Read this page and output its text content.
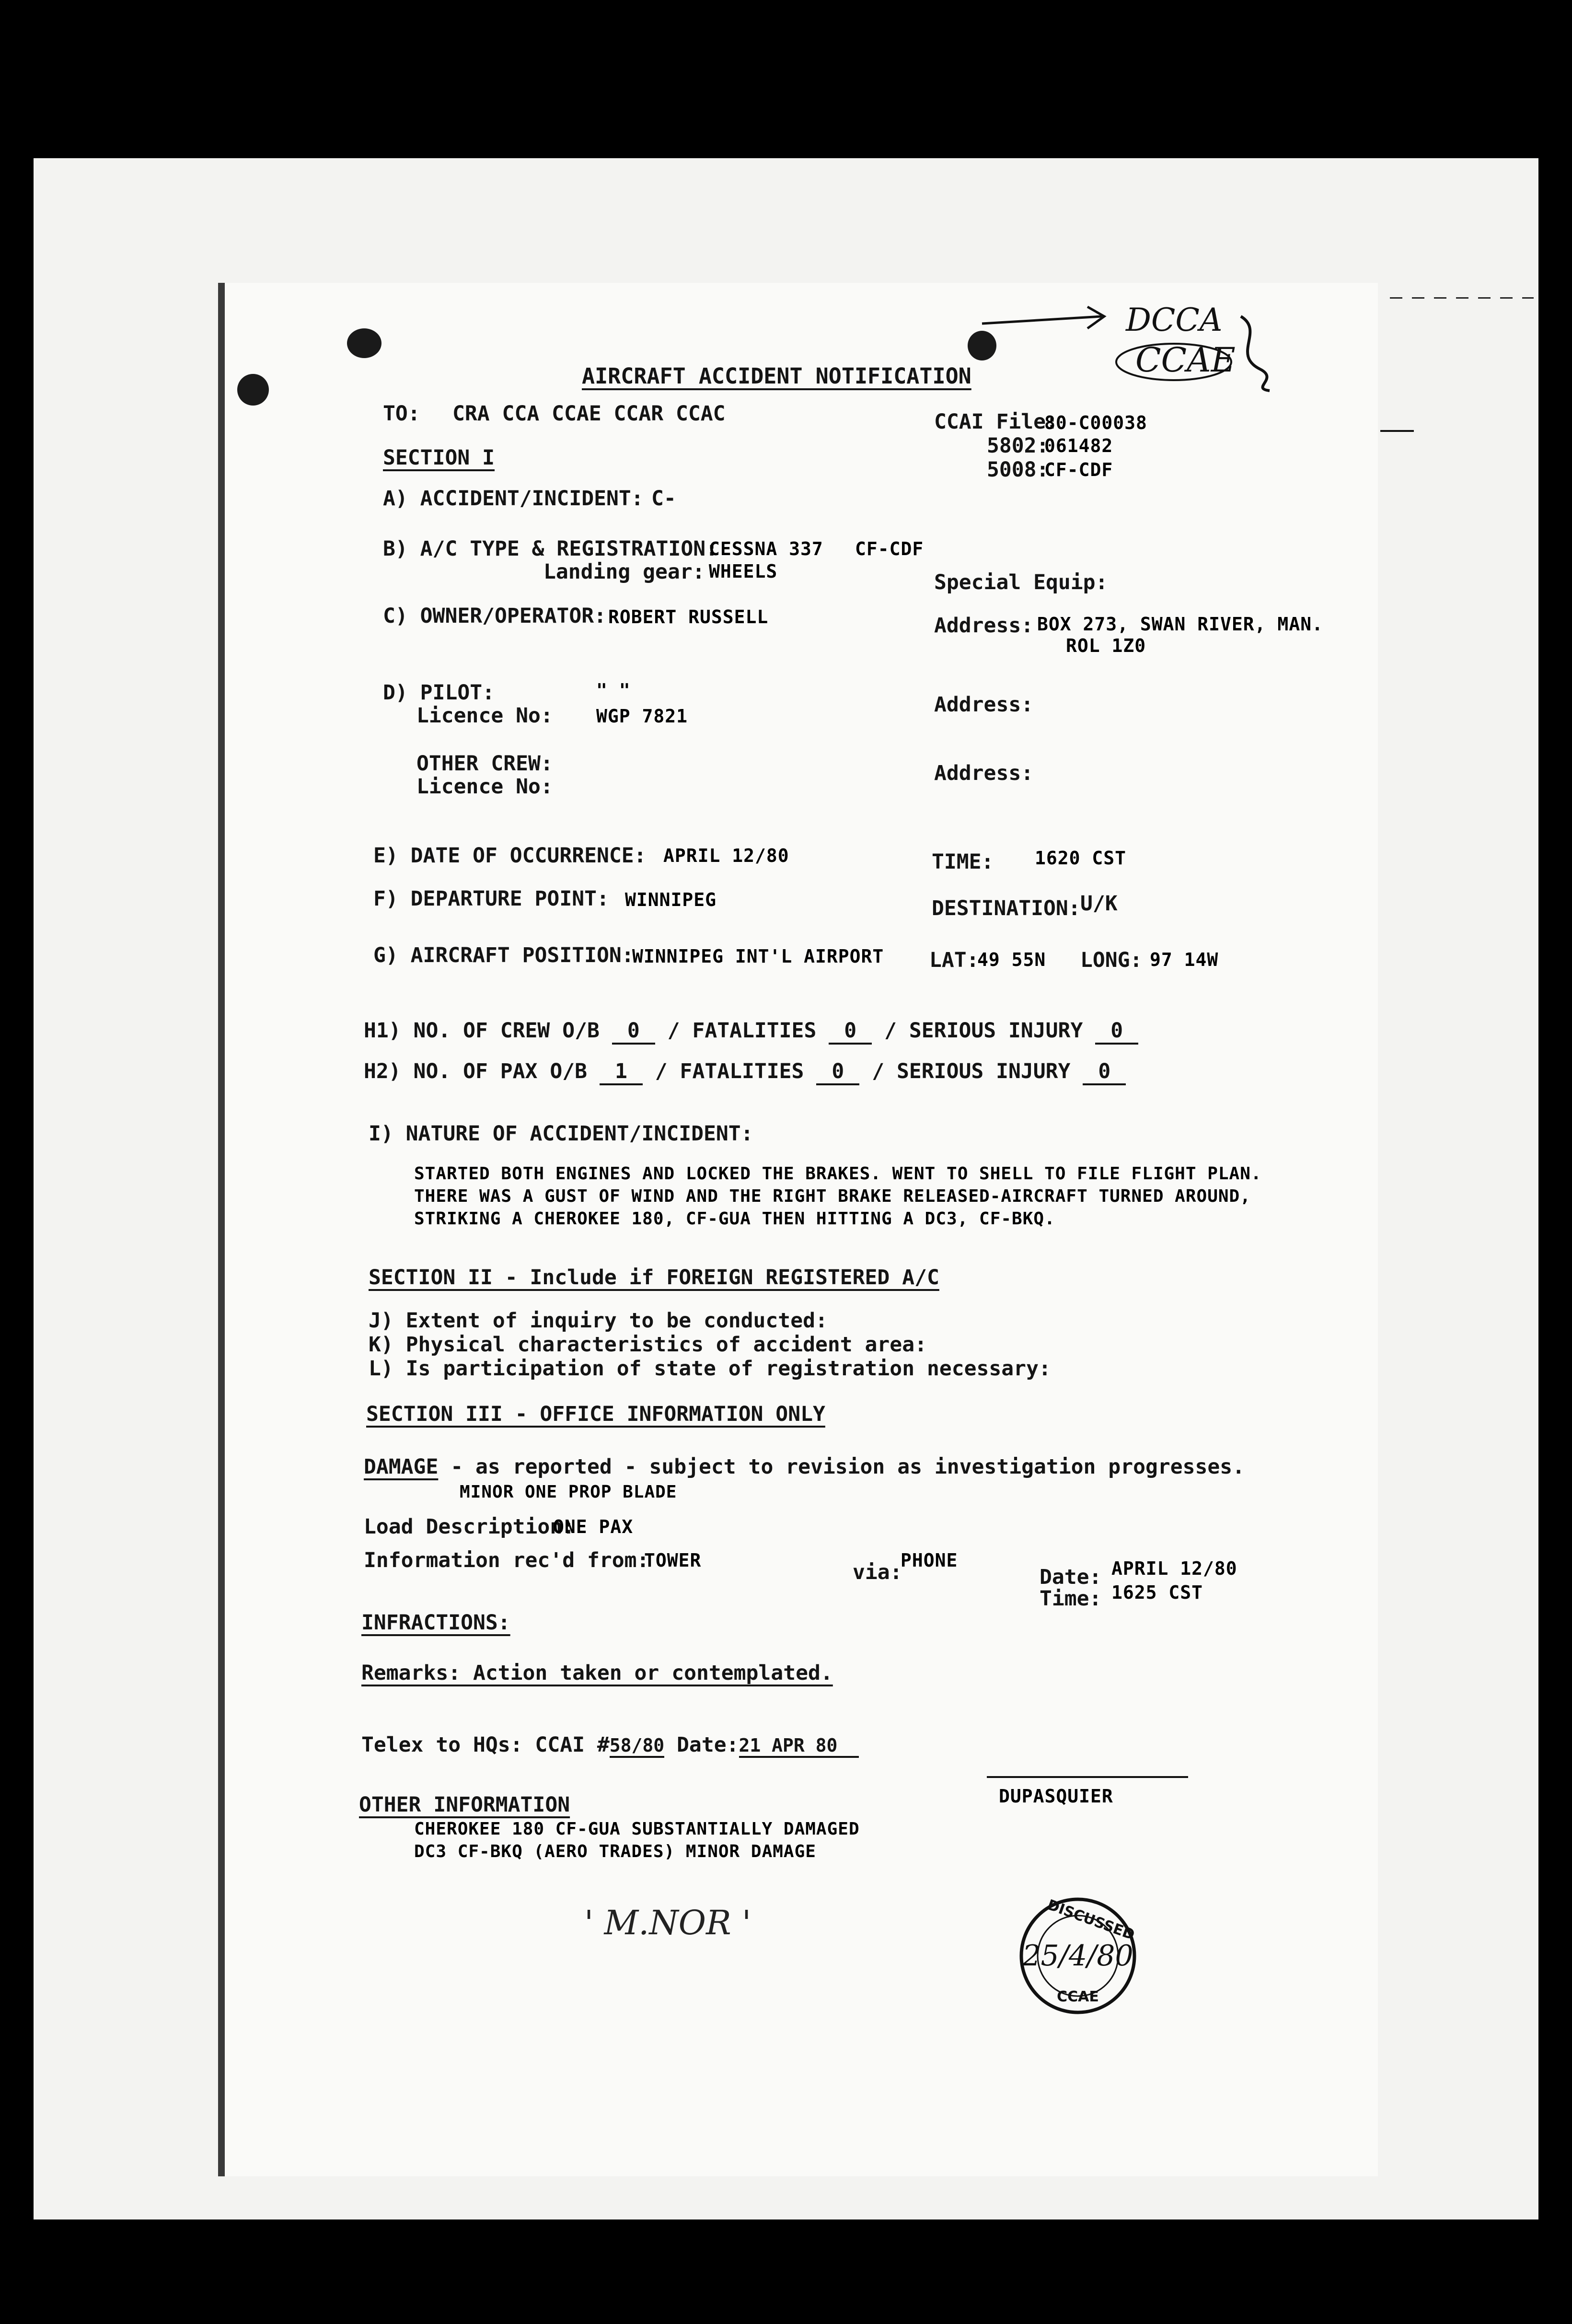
AIRCRAFT ACCIDENT NOTIFICATION
TO: CRA CCA CCAE CCAR CCAC	CCAI File:
80-C00038
5802:
061482
5008:
CF-CDF
SECTION I
A) ACCIDENT/INCIDENT: C-
B) A/C TYPE & REGISTRATION:
CESSNA 337 CF-CDF
Landing gear: WHEELS	Special Equip:
C) OWNER/OPERATOR: ROBERT RUSSELL	Address: BOX 273, SWAN RIVER, MAN.
ROL 1Z0
D) PILOT:	" "
Licence No: WGP 7821	Address:
OTHER CREW:
Licence No:
Address:
E) DATE OF OCCURRENCE: APRIL 12/80	TIME: 1620 CST
F) DEPARTURE POINT: WINNIPEG	DESTINATION: U/K
G) AIRCRAFT POSITION:
WINNIPEG INT'L AIRPORT LAT:
49 55N LONG: 97 14W
H1) NO. OF CREW O/B 0 / FATALITIES 0 / SERIOUS INJURY 0
H2) NO. OF PAX O/B 1 / FATALITIES 0 / SERIOUS INJURY 0
I) NATURE OF ACCIDENT/INCIDENT:
STARTED BOTH ENGINES AND LOCKED THE BRAKES. WENT TO SHELL TO FILE FLIGHT PLAN.
THERE WAS A GUST OF WIND AND THE RIGHT BRAKE RELEASED-AIRCRAFT TURNED AROUND,
STRIKING A CHEROKEE 180, CF-GUA THEN HITTING A DC3, CF-BKQ.
SECTION II - Include if FOREIGN REGISTERED A/C
J) Extent of inquiry to be conducted:
K) Physical characteristics of accident area:
L) Is participation of state of registration necessary:
SECTION III - OFFICE INFORMATION ONLY
DAMAGE - as reported - subject to revision as investigation progresses.
MINOR ONE PROP BLADE
Load Description:
ONE PAX
Information rec'd from:
TOWER	via:
PHONE
Date: APRIL 12/80
Time: 1625 CST
INFRACTIONS:
Remarks: Action taken or contemplated.
Telex to HQs: CCAI #58/80 Date:21 APR 80
DUPASQUIER
OTHER INFORMATION
CHEROKEE 180 CF-GUA SUBSTANTIALLY DAMAGED
DC3 CF-BKQ (AERO TRADES) MINOR DAMAGE
' M.NOR '	DISCUSSED
25/4/80
CCAE
DCCA
CCAE
